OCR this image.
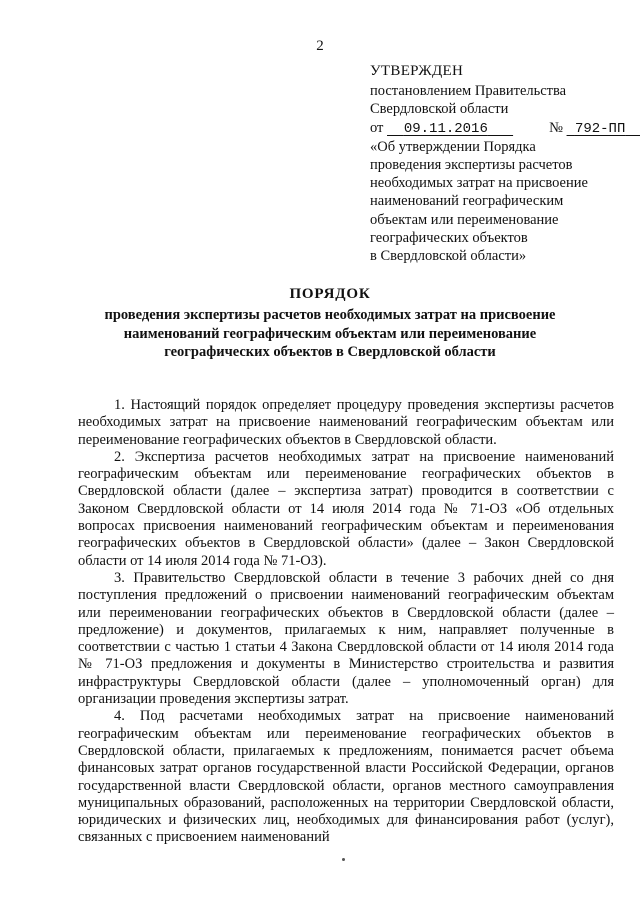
2
УТВЕРЖДЕН
постановлением Правительства
Свердловской области
от 09.11.2016	№ 792-ПП
«Об утверждении Порядка
проведения экспертизы расчетов
необходимых затрат на присвоение
наименований географическим
объектам или переименование
географических объектов
в Свердловской области»
ПОРЯДОК
проведения экспертизы расчетов необходимых затрат на присвоение
наименований географическим объектам или переименование
географических объектов в Свердловской области

1. Настоящий порядок определяет процедуру проведения экспертизы расчетов необходимых затрат на присвоение наименований географическим объектам или переименование географических объектов в Свердловской области.

2. Экспертиза расчетов необходимых затрат на присвоение наименований географическим объектам или переименование географических объектов в Свердловской области (далее – экспертиза затрат) проводится в соответствии с Законом Свердловской области от 14 июля 2014 года № 71-ОЗ «Об отдельных вопросах присвоения наименований географическим объектам и переименования географических объектов в Свердловской области» (далее – Закон Свердловской области от 14 июля 2014 года № 71-ОЗ).

3. Правительство Свердловской области в течение 3 рабочих дней со дня поступления предложений о присвоении наименований географическим объектам или переименовании географических объектов в Свердловской области (далее – предложение) и документов, прилагаемых к ним, направляет полученные в соответствии с частью 1 статьи 4 Закона Свердловской области от 14 июля 2014 года № 71-ОЗ предложения и документы в Министерство строительства и развития инфраструктуры Свердловской области (далее – уполномоченный орган) для организации проведения экспертизы затрат.

4. Под расчетами необходимых затрат на присвоение наименований географическим объектам или переименование географических объектов в Свердловской области, прилагаемых к предложениям, понимается расчет объема финансовых затрат органов государственной власти Российской Федерации, органов государственной власти Свердловской области, органов местного самоуправления муниципальных образований, расположенных на территории Свердловской области, юридических и физических лиц, необходимых для финансирования работ (услуг), связанных с присвоением наименований
